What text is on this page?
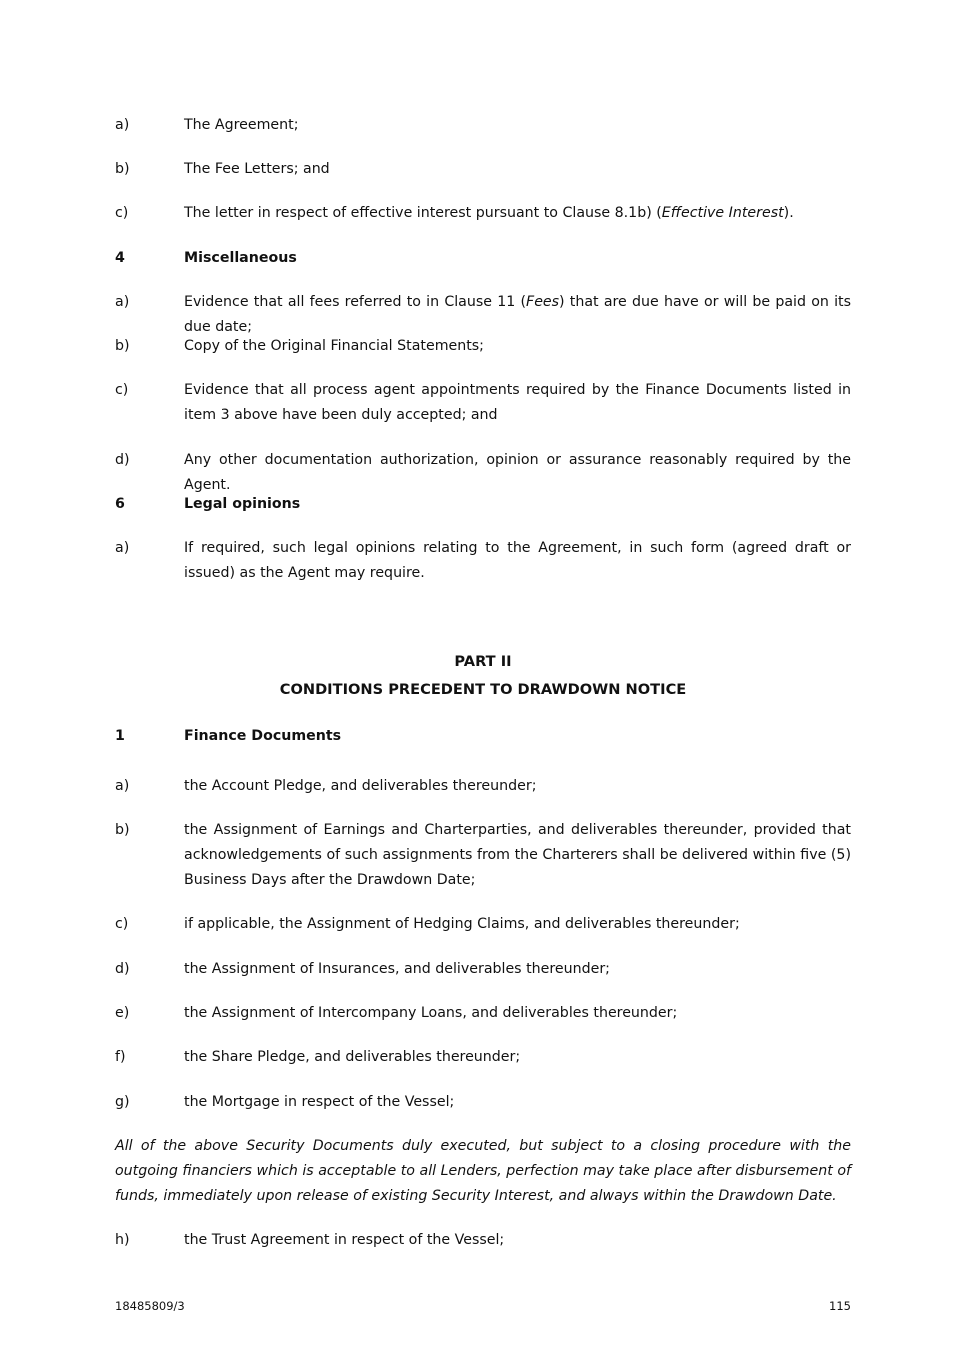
a)	The Agreement;
b)	The Fee Letters; and
c)	The letter in respect of effective interest pursuant to Clause 8.1b) (Effective Interest).
4	Miscellaneous
a)	Evidence that all fees referred to in Clause 11 (Fees) that are due have or will be paid on its due date;
b)	Copy of the Original Financial Statements;
c)	Evidence that all process agent appointments required by the Finance Documents listed in item 3 above have been duly accepted; and
d)	Any other documentation authorization, opinion or assurance reasonably required by the Agent.
6	Legal opinions
a)	If required, such legal opinions relating to the Agreement, in such form (agreed draft or issued) as the Agent may require.
PART II
CONDITIONS PRECEDENT TO DRAWDOWN NOTICE
1	Finance Documents
a)	the Account Pledge, and deliverables thereunder;
b)	the Assignment of Earnings and Charterparties, and deliverables thereunder, provided that acknowledgements of such assignments from the Charterers shall be delivered within five (5) Business Days after the Drawdown Date;
c)	if applicable, the Assignment of Hedging Claims, and deliverables thereunder;
d)	the Assignment of Insurances, and deliverables thereunder;
e)	the Assignment of Intercompany Loans, and deliverables thereunder;
f)	the Share Pledge, and deliverables thereunder;
g)	the Mortgage in respect of the Vessel;
All of the above Security Documents duly executed, but subject to a closing procedure with the outgoing financiers which is acceptable to all Lenders, perfection may take place after disbursement of funds, immediately upon release of existing Security Interest, and always within the Drawdown Date.
h)	the Trust Agreement in respect of the Vessel;
18485809/3	115
